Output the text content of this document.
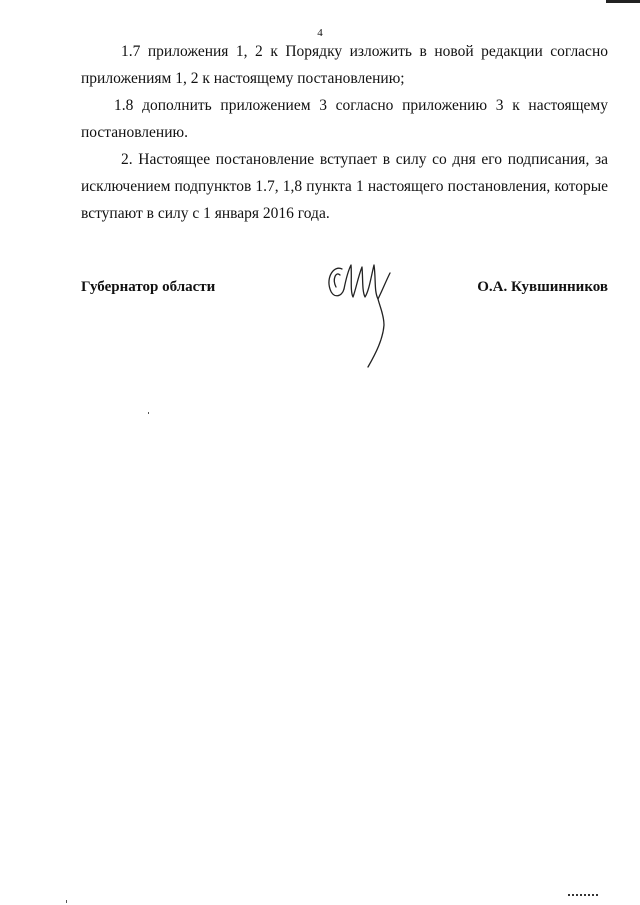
4

1.7 приложения 1, 2 к Порядку изложить в новой редакции согласно приложениям 1, 2 к настоящему постановлению;

1.8 дополнить приложением 3 согласно приложению 3 к настоящему постановлению.

2. Настоящее постановление вступает в силу со дня его подписания, за исключением подпунктов 1.7, 1,8 пункта 1 настоящего постановления, которые вступают в силу с 1 января 2016 года.

Губернатор области	О.А. Кувшинников
